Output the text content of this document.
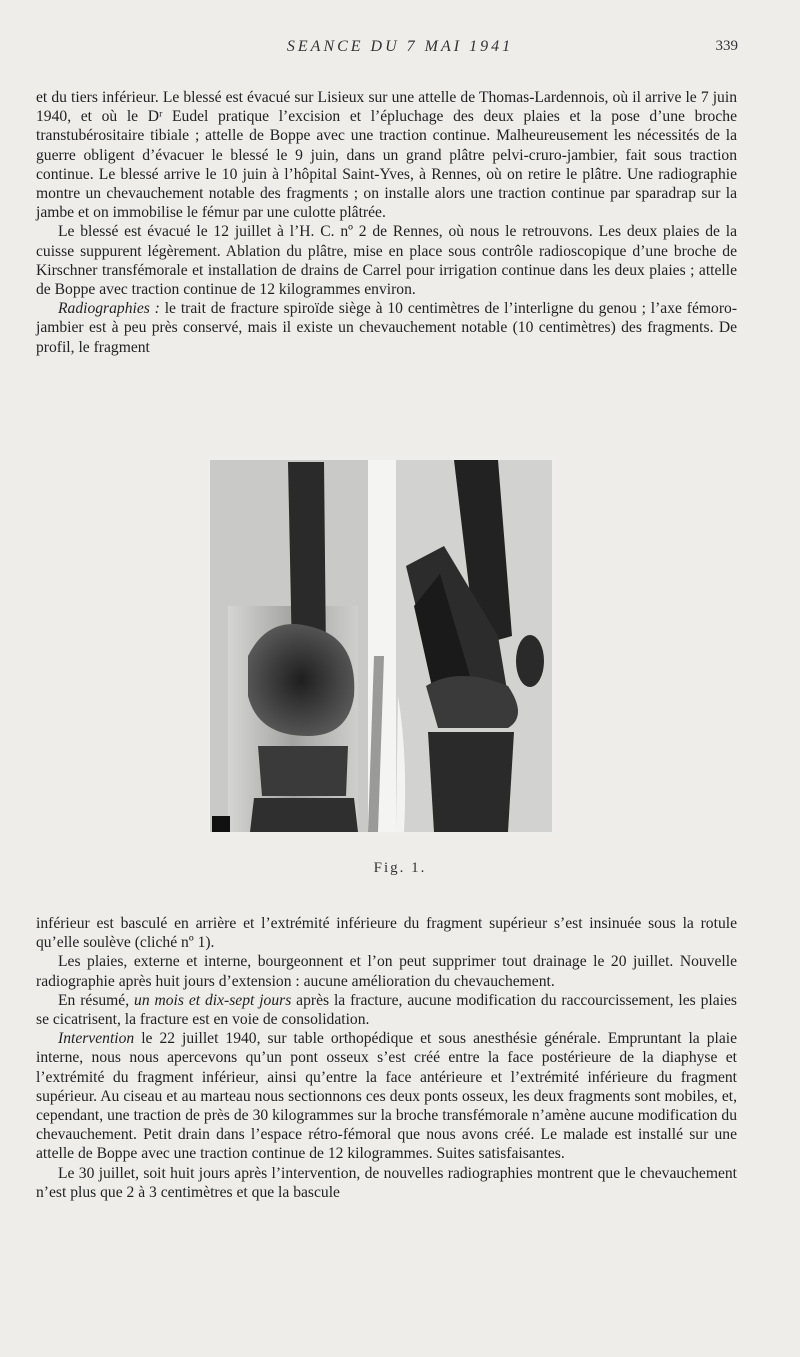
SEANCE DU 7 MAI 1941	339

et du tiers inférieur. Le blessé est évacué sur Lisieux sur une attelle de Thomas-Lardennois, où il arrive le 7 juin 1940, et où le Dʳ Eudel pratique l’excision et l’épluchage des deux plaies et la pose d’une broche transtubérositaire tibiale ; attelle de Boppe avec une traction continue. Malheureusement les nécessités de la guerre obligent d’évacuer le blessé le 9 juin, dans un grand plâtre pelvi-cruro-jambier, fait sous traction continue. Le blessé arrive le 10 juin à l’hôpital Saint-Yves, à Rennes, où on retire le plâtre. Une radiographie montre un chevauchement notable des fragments ; on installe alors une traction continue par sparadrap sur la jambe et on immobilise le fémur par une culotte plâtrée.

Le blessé est évacué le 12 juillet à l’H. C. nº 2 de Rennes, où nous le retrouvons. Les deux plaies de la cuisse suppurent légèrement. Ablation du plâtre, mise en place sous contrôle radioscopique d’une broche de Kirschner transfémorale et installation de drains de Carrel pour irrigation continue dans les deux plaies ; attelle de Boppe avec traction continue de 12 kilogrammes environ.

Radiographies : le trait de fracture spiroïde siège à 10 centimètres de l’interligne du genou ; l’axe fémoro-jambier est à peu près conservé, mais il existe un chevauchement notable (10 centimètres) des fragments. De profil, le fragment

Fig. 1.

inférieur est basculé en arrière et l’extrémité inférieure du fragment supérieur s’est insinuée sous la rotule qu’elle soulève (cliché nº 1).

Les plaies, externe et interne, bourgeonnent et l’on peut supprimer tout drainage le 20 juillet. Nouvelle radiographie après huit jours d’extension : aucune amélioration du chevauchement.

En résumé, un mois et dix-sept jours après la fracture, aucune modification du raccourcissement, les plaies se cicatrisent, la fracture est en voie de consolidation.

Intervention le 22 juillet 1940, sur table orthopédique et sous anesthésie générale. Empruntant la plaie interne, nous nous apercevons qu’un pont osseux s’est créé entre la face postérieure de la diaphyse et l’extrémité du fragment inférieur, ainsi qu’entre la face antérieure et l’extrémité inférieure du fragment supérieur. Au ciseau et au marteau nous sectionnons ces deux ponts osseux, les deux fragments sont mobiles, et, cependant, une traction de près de 30 kilogrammes sur la broche transfémorale n’amène aucune modification du chevauchement. Petit drain dans l’espace rétro-fémoral que nous avons créé. Le malade est installé sur une attelle de Boppe avec une traction continue de 12 kilogrammes. Suites satisfaisantes.

Le 30 juillet, soit huit jours après l’intervention, de nouvelles radiographies montrent que le chevauchement n’est plus que 2 à 3 centimètres et que la bascule
